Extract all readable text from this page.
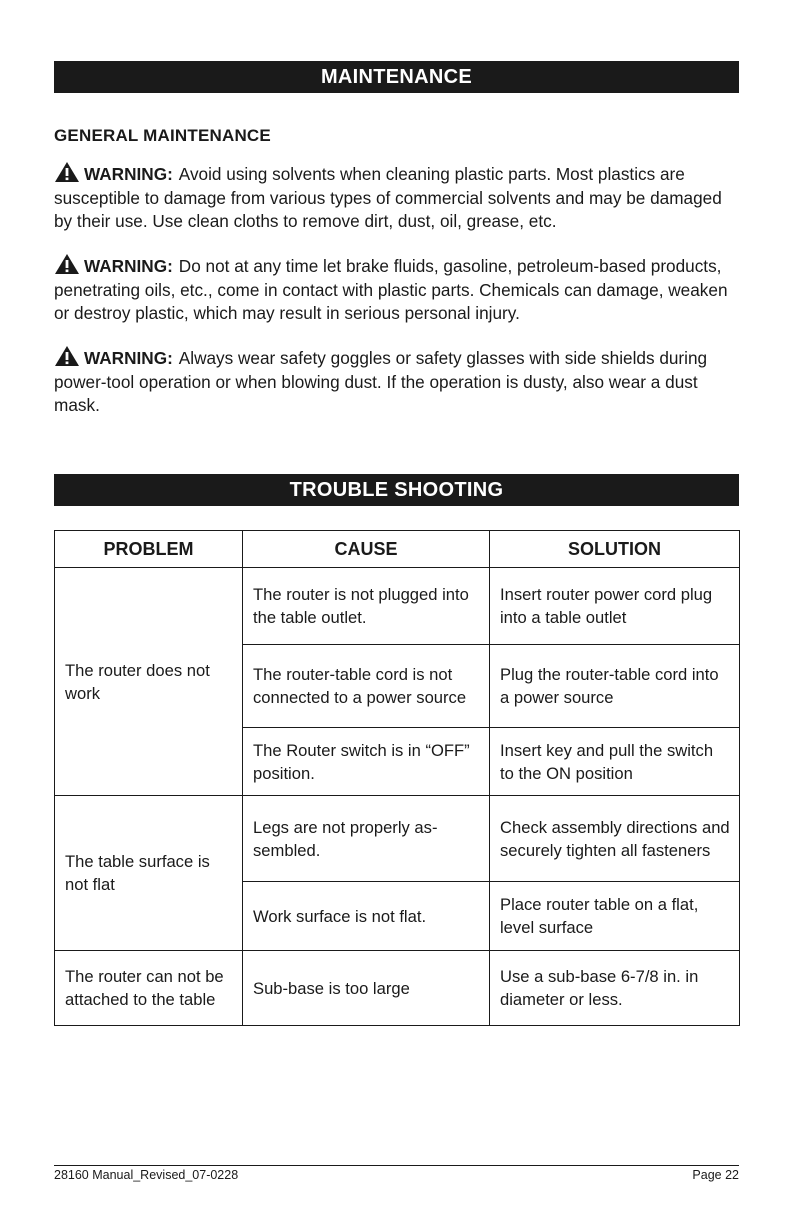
MAINTENANCE
GENERAL MAINTENANCE
WARNING: Avoid using solvents when cleaning plastic parts. Most plastics are susceptible to damage from various types of commercial solvents and may be damaged by their use. Use clean cloths to remove dirt, dust, oil, grease, etc.
WARNING: Do not at any time let brake fluids, gasoline, petroleum-based products, penetrating oils, etc., come in contact with plastic parts. Chemicals can damage, weaken or destroy plastic, which may result in serious personal injury.
WARNING: Always wear safety goggles or safety glasses with side shields during power-tool operation or when blowing dust. If the operation is dusty, also wear a dust mask.
TROUBLE SHOOTING
PROBLEM	CAUSE	SOLUTION
The router does not work	The router is not plugged into the table outlet.	Insert router power cord plug into a table outlet
	The router-table cord is not connected to a power source	Plug the router-table cord into a power source
	The Router switch is in “OFF” position.	Insert key and pull the switch to the ON position
The table surface is not flat	Legs are not properly as-sembled.	Check assembly directions and securely tighten all fasteners
	Work surface is not flat.	Place router table on a flat, level surface
The router can not be attached to the table	Sub-base is too large	Use a sub-base 6-7/8 in. in diameter or less.
28160 Manual_Revised_07-0228	Page 22
